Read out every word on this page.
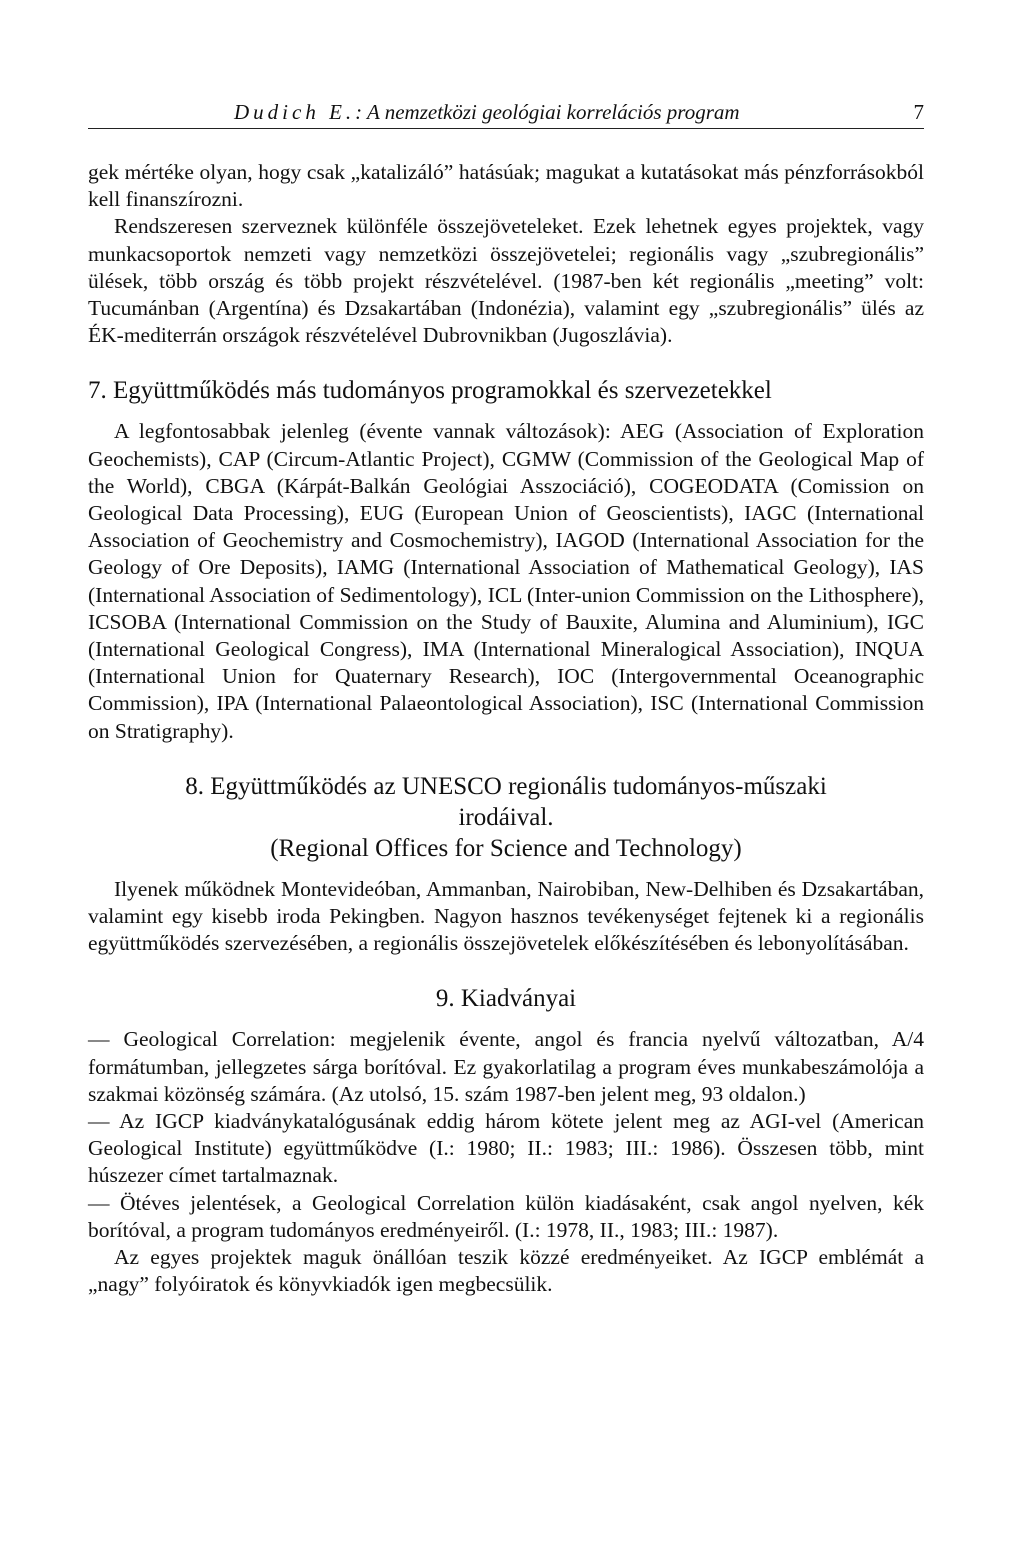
Dudich E.: A nemzetközi geológiai korrelációs program	7

gek mértéke olyan, hogy csak „katalizáló” hatásúak; magukat a kutatásokat más pénzforrásokból kell finanszírozni.

Rendszeresen szerveznek különféle összejöveteleket. Ezek lehetnek egyes projektek, vagy munkacsoportok nemzeti vagy nemzetközi összejövetelei; regionális vagy „szubregionális” ülések, több ország és több projekt részvételével. (1987-ben két regionális „meeting” volt: Tucumánban (Argentína) és Dzsakartában (Indonézia), valamint egy „szubregionális” ülés az ÉK-mediterrán országok részvételével Dubrovnikban (Jugoszlávia).

7. Együttműködés más tudományos programokkal és szervezetekkel

A legfontosabbak jelenleg (évente vannak változások): AEG (Association of Exploration Geochemists), CAP (Circum-Atlantic Project), CGMW (Commission of the Geological Map of the World), CBGA (Kárpát-Balkán Geológiai Asszociáció), COGEODATA (Comission on Geological Data Processing), EUG (European Union of Geoscientists), IAGC (International Association of Geochemistry and Cosmochemistry), IAGOD (International Association for the Geology of Ore Deposits), IAMG (International Association of Mathematical Geology), IAS (International Association of Sedimentology), ICL (Inter-union Commission on the Lithosphere), ICSOBA (International Commission on the Study of Bauxite, Alumina and Aluminium), IGC (International Geological Congress), IMA (International Mineralogical Association), INQUA (International Union for Quaternary Research), IOC (Intergovernmental Oceanographic Commission), IPA (International Palaeontological Association), ISC (International Commission on Stratigraphy).

8. Együttműködés az UNESCO regionális tudományos-műszaki
irodáival.
(Regional Offices for Science and Technology)

Ilyenek működnek Montevideóban, Ammanban, Nairobiban, New-Delhiben és Dzsakartában, valamint egy kisebb iroda Pekingben. Nagyon hasznos tevékenységet fejtenek ki a regionális együttműködés szervezésében, a regionális összejövetelek előkészítésében és lebonyolításában.

9. Kiadványai

— Geological Correlation: megjelenik évente, angol és francia nyelvű változatban, A/4 formátumban, jellegzetes sárga borítóval. Ez gyakorlatilag a program éves munkabeszámolója a szakmai közönség számára. (Az utolsó, 15. szám 1987-ben jelent meg, 93 oldalon.)

— Az IGCP kiadványkatalógusának eddig három kötete jelent meg az AGI-vel (American Geological Institute) együttműködve (I.: 1980; II.: 1983; III.: 1986). Összesen több, mint húszezer címet tartalmaznak.

— Ötéves jelentések, a Geological Correlation külön kiadásaként, csak angol nyelven, kék borítóval, a program tudományos eredményeiről. (I.: 1978, II., 1983; III.: 1987).

Az egyes projektek maguk önállóan teszik közzé eredményeiket. Az IGCP emblémát a „nagy” folyóiratok és könyvkiadók igen megbecsülik.
